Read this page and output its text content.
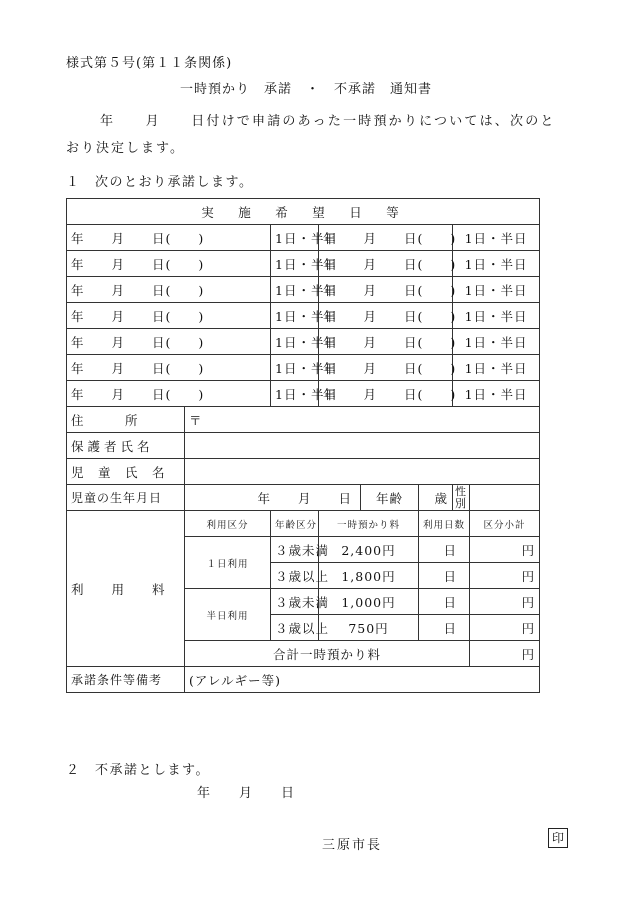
様式第５号(第１１条関係)
一時預かり　承諾　・　不承諾　通知書
年　　月　　日付けで申請のあった一時預かりについては、次のと
おり決定します。
１　次のとおり承諾します。
実　施　希　望　日　等							
年　　月　　日(　　)		1日・半日	年　　月　　日(　　)			1日・半日	
年　　月　　日(　　)		1日・半日	年　　月　　日(　　)			1日・半日	
年　　月　　日(　　)		1日・半日	年　　月　　日(　　)			1日・半日	
年　　月　　日(　　)		1日・半日	年　　月　　日(　　)			1日・半日	
年　　月　　日(　　)		1日・半日	年　　月　　日(　　)			1日・半日	
年　　月　　日(　　)		1日・半日	年　　月　　日(　　)			1日・半日	
年　　月　　日(　　)		1日・半日	年　　月　　日(　　)			1日・半日	
住　　　所	〒						
保護者氏名							
児　童　氏　名							
児童の生年月日	年　　月　　日			年齢	歳	性別	
利　　用　　料	利用区分	年齢区分	一時預かり料		利用日数		区分小計
	１日利用	３歳未満	2,400円		日		円
		３歳以上	1,800円		日		円
	半日利用	３歳未満	1,000円		日		円
		３歳以上	750円		日		円
	合計一時預かり料						円
承諾条件等備考	(アレルギー等)						
２　不承諾とします。
年　　月　　日
三原市長	印
